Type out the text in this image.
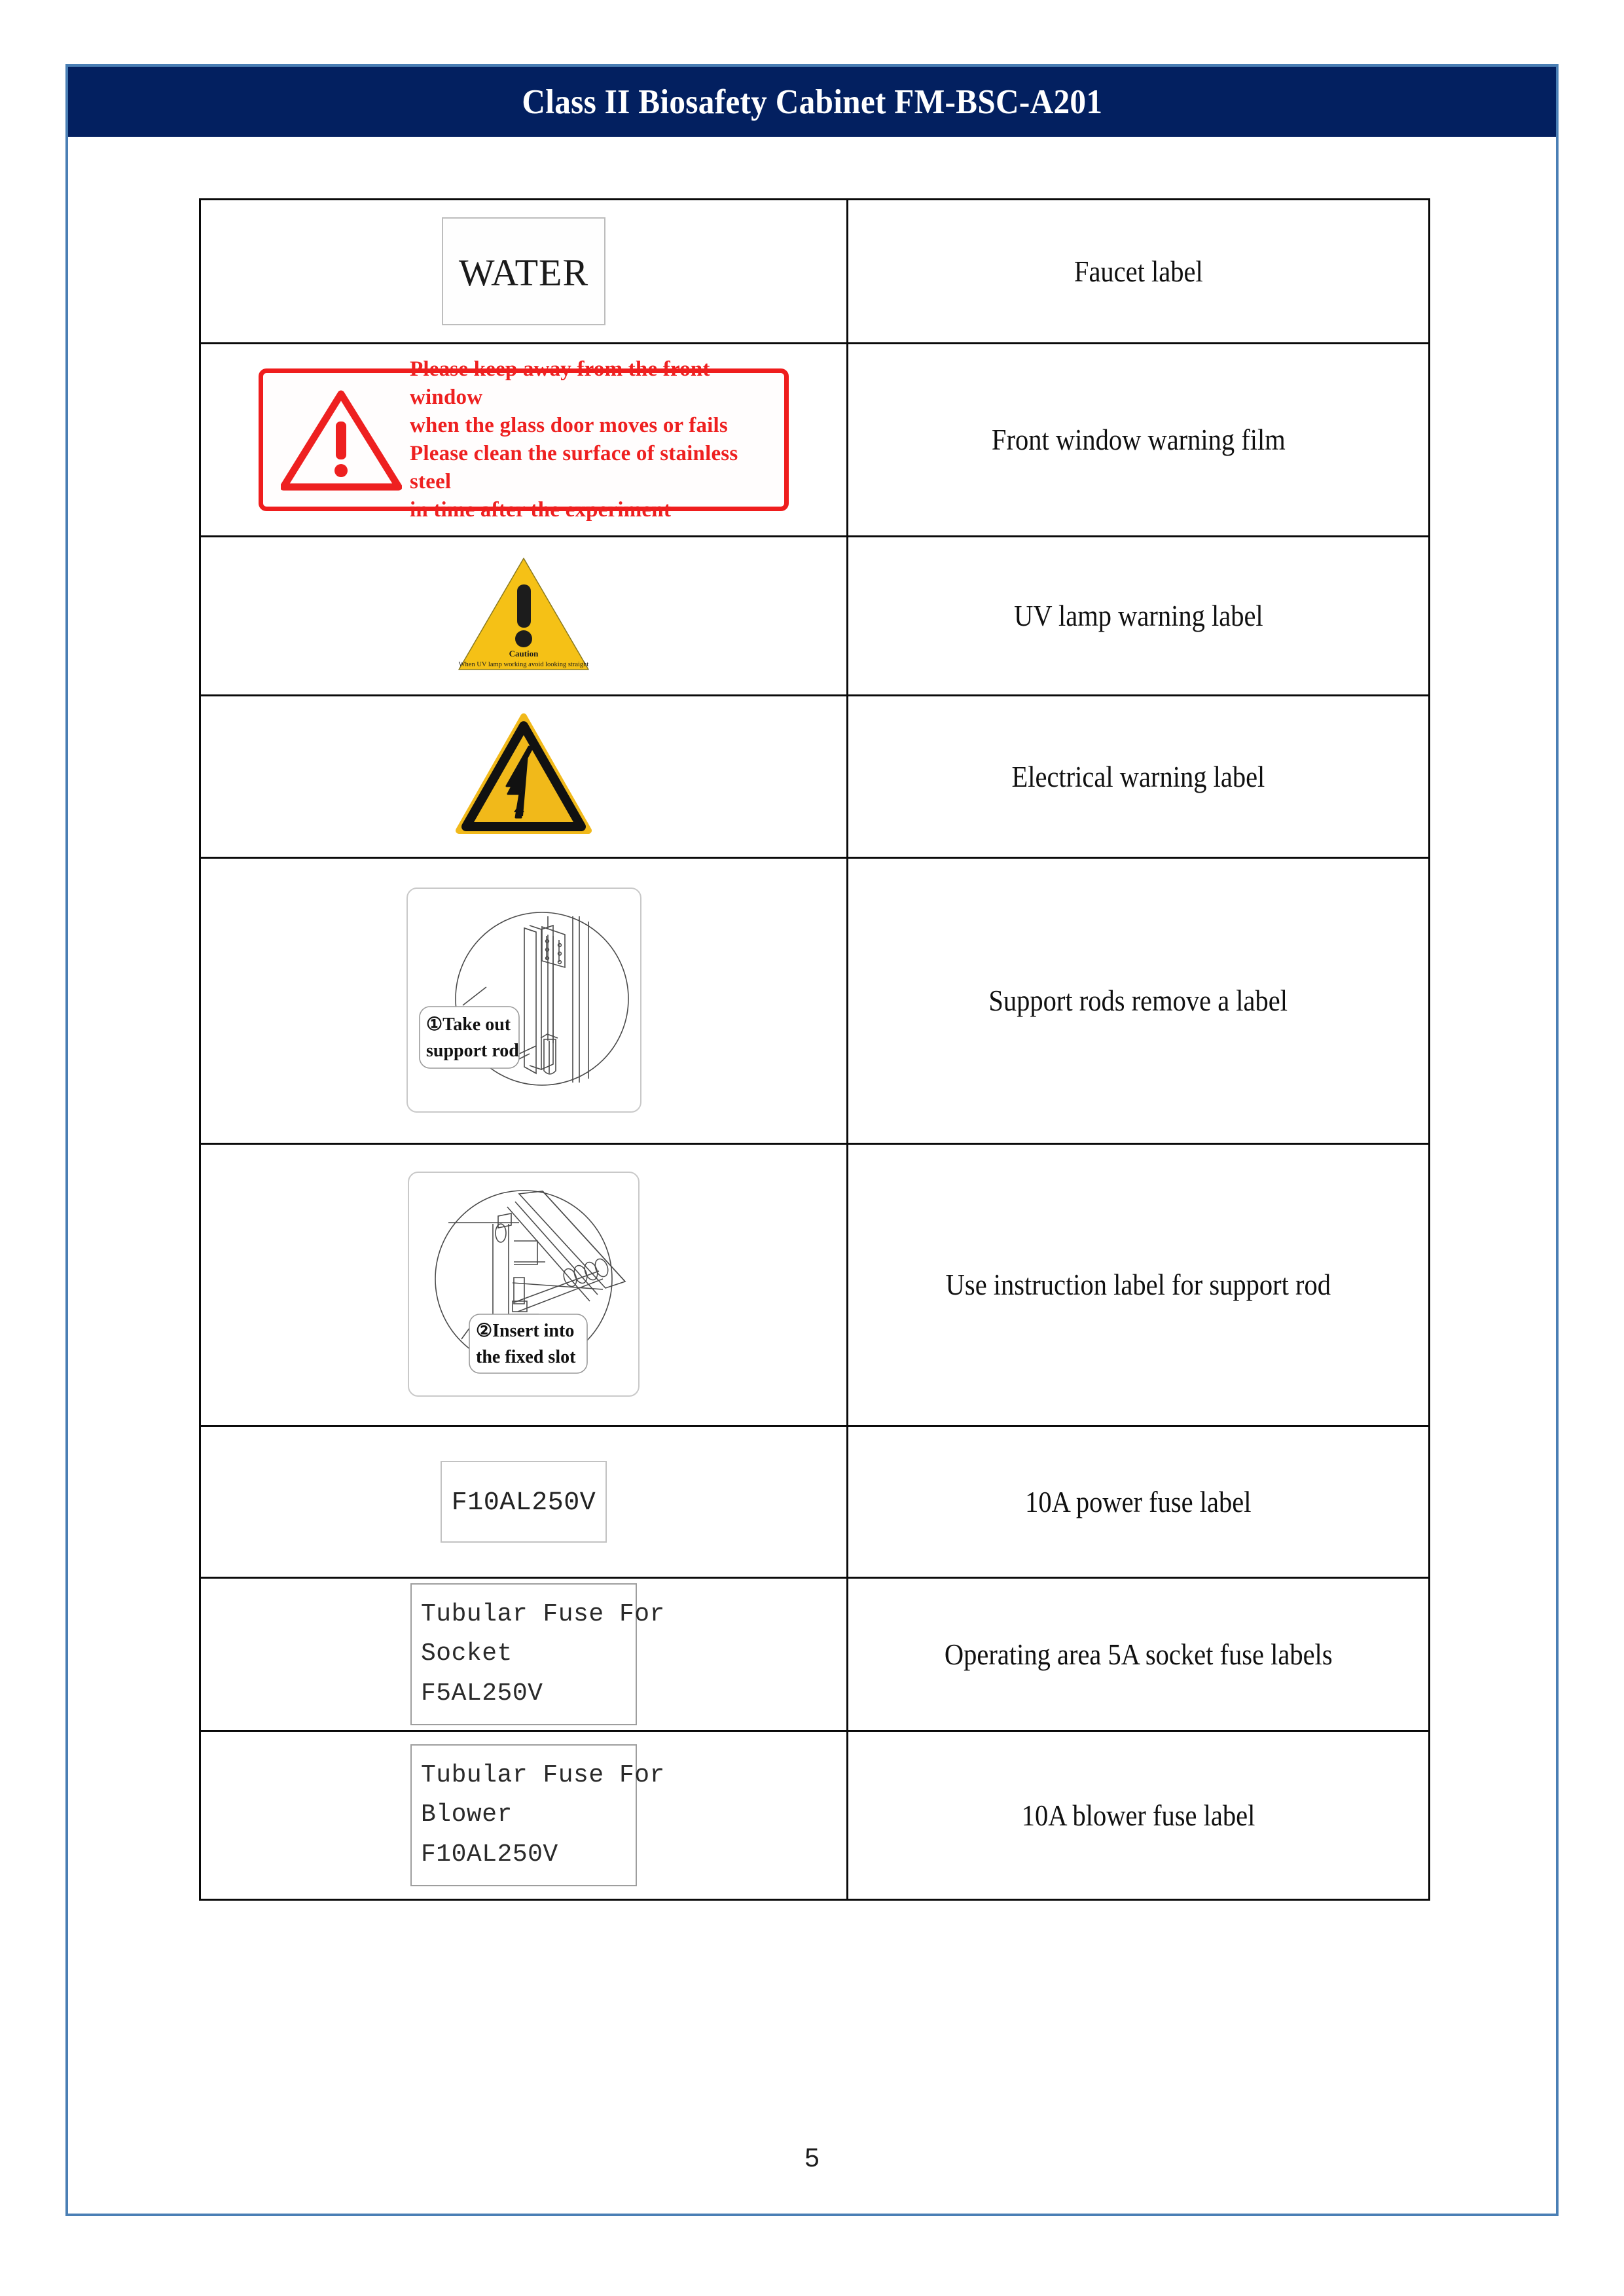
Class II Biosafety Cabinet FM-BSC-A201
WATER	Faucet label

Please keep away from the front window
when the glass door moves or fails
Please clean the surface of stainless steel
in time after the experiment	Front window warning film

Caution
When UV lamp working avoid looking straight	UV lamp warning label
	Electrical warning label

①Take out
support rod	Support rods remove a label

②Insert into
the fixed slot	Use instruction label for support rod
F10AL250V	10A power fuse label

Tubular Fuse For
Socket
F5AL250V	Operating area 5A socket fuse labels

Tubular Fuse For
Blower
F10AL250V	10A blower fuse label
5
